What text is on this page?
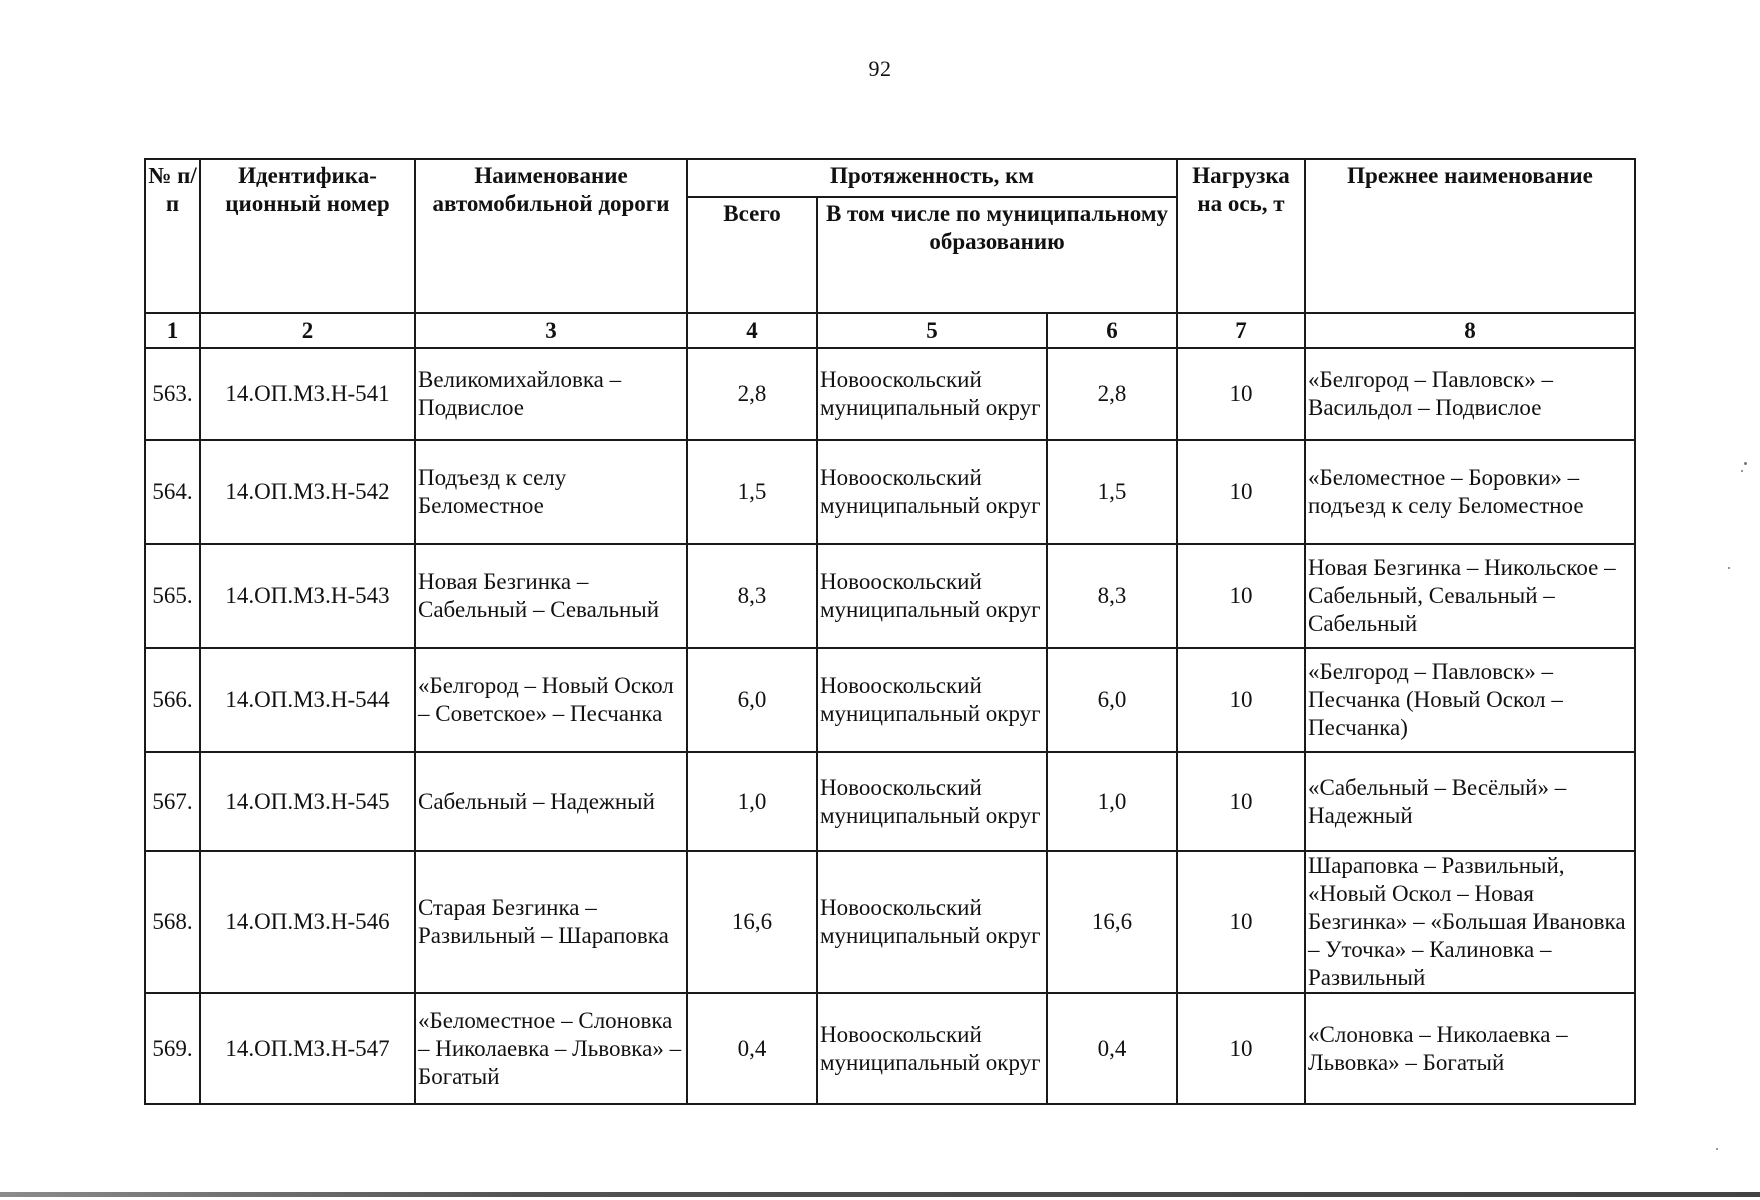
92
№ п/п	Идентифика-ционный номер	Наименование автомобильной дороги	Протяженность, км			Нагрузка на ось, т	Прежнее наименование
			Всего	В том числе по муниципальному образованию			
1	2	3	4	5	6	7	8
563.	14.ОП.МЗ.Н-541	Великомихайловка – Подвислое	2,8	Новооскольский муниципальный округ	2,8	10	«Белгород – Павловск» – Васильдол – Подвислое
564.	14.ОП.МЗ.Н-542	Подъезд к селу Беломестное	1,5	Новооскольский муниципальный округ	1,5	10	«Беломестное – Боровки» – подъезд к селу Беломестное
565.	14.ОП.МЗ.Н-543	Новая Безгинка – Сабельный – Севальный	8,3	Новооскольский муниципальный округ	8,3	10	Новая Безгинка – Никольское – Сабельный, Севальный – Сабельный
566.	14.ОП.МЗ.Н-544	«Белгород – Новый Оскол – Советское» – Песчанка	6,0	Новооскольский муниципальный округ	6,0	10	«Белгород – Павловск» – Песчанка (Новый Оскол – Песчанка)
567.	14.ОП.МЗ.Н-545	Сабельный – Надежный	1,0	Новооскольский муниципальный округ	1,0	10	«Сабельный – Весёлый» – Надежный
568.	14.ОП.МЗ.Н-546	Старая Безгинка – Развильный – Шараповка	16,6	Новооскольский муниципальный округ	16,6	10	Шараповка – Развильный, «Новый Оскол – Новая Безгинка» – «Большая Ивановка – Уточка» – Калиновка – Развильный
569.	14.ОП.МЗ.Н-547	«Беломестное – Слоновка – Николаевка – Львовка» – Богатый	0,4	Новооскольский муниципальный округ	0,4	10	«Слоновка – Николаевка – Львовка» – Богатый
